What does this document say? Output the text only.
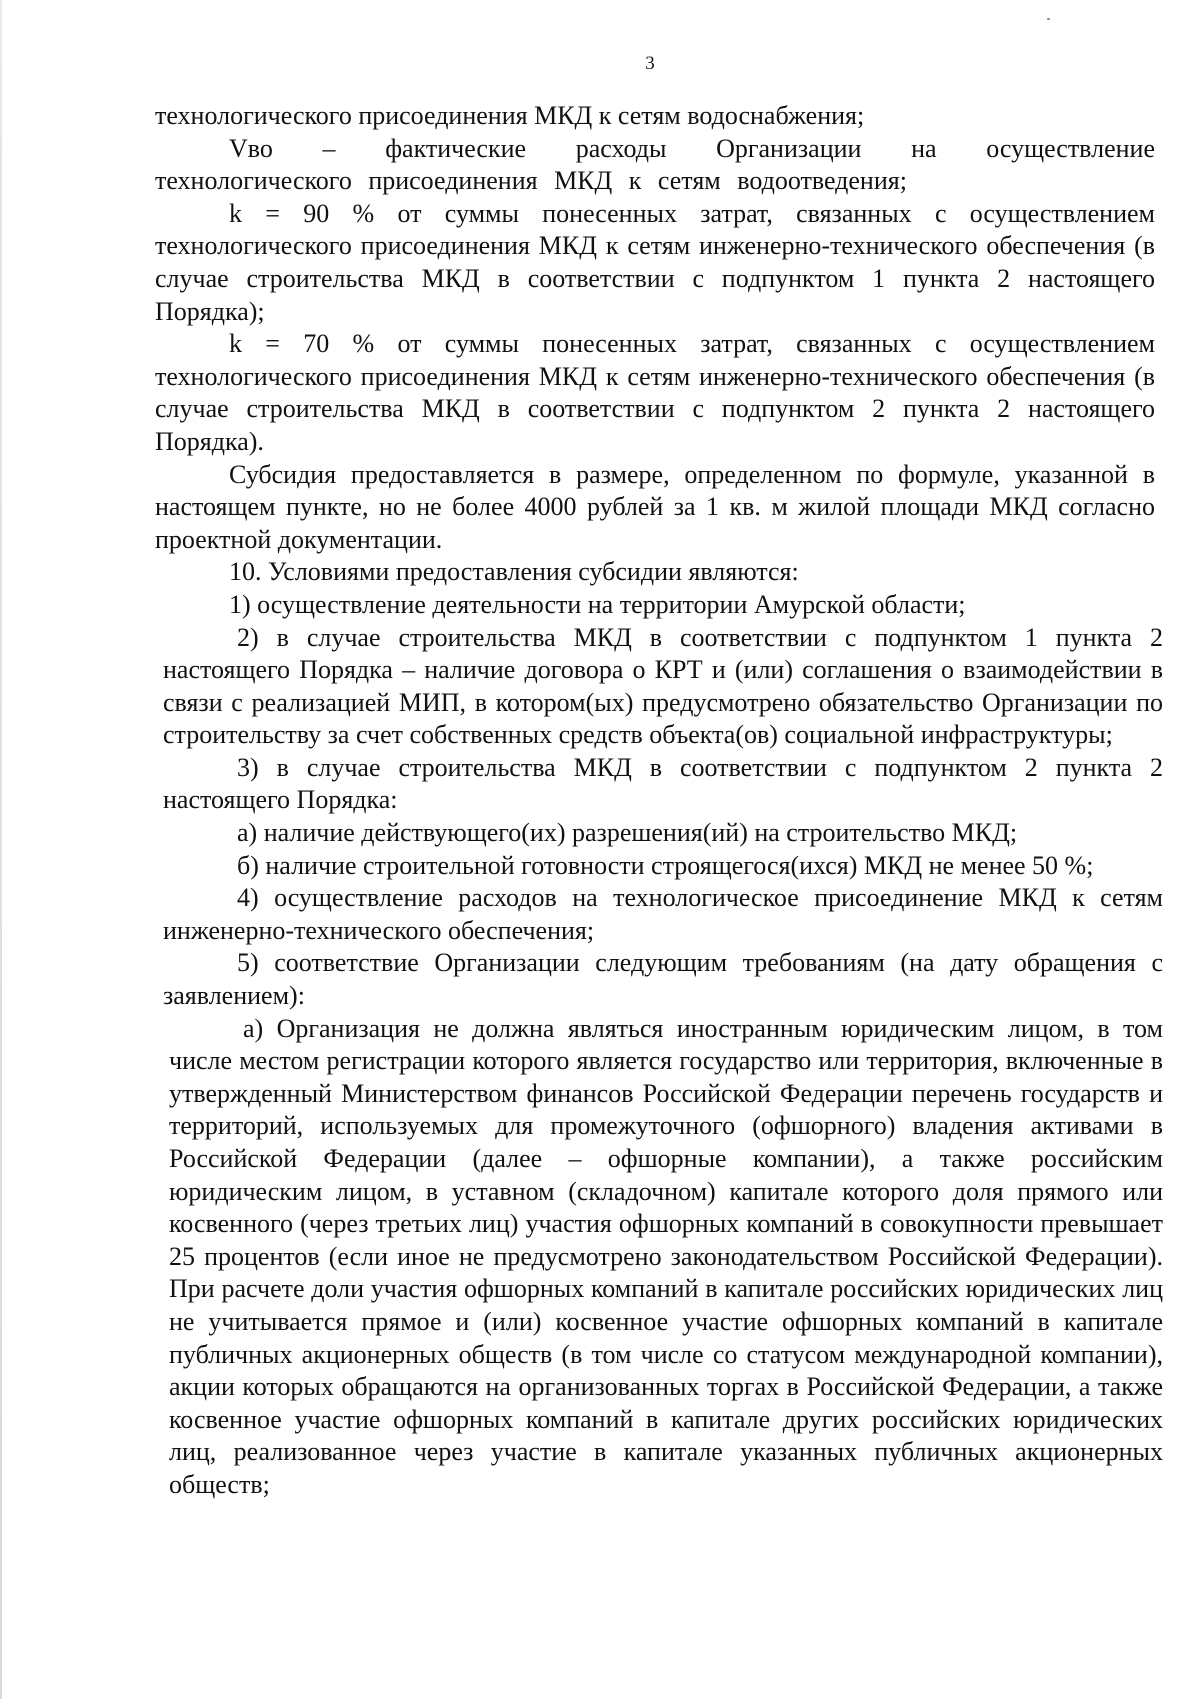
3

технологического присоединения МКД к сетям водоснабжения;

Vво – фактические расходы Организации на осуществление технологического присоединения МКД к сетям водоотведения;

k = 90 % от суммы понесенных затрат, связанных с осуществлением технологического присоединения МКД к сетям инженерно-технического обеспечения (в случае строительства МКД в соответствии с подпунктом 1 пункта 2 настоящего Порядка);

k = 70 % от суммы понесенных затрат, связанных с осуществлением технологического присоединения МКД к сетям инженерно-технического обеспечения (в случае строительства МКД в соответствии с подпунктом 2 пункта 2 настоящего Порядка).

Субсидия предоставляется в размере, определенном по формуле, указанной в настоящем пункте, но не более 4000 рублей за 1 кв. м жилой площади МКД согласно проектной документации.

10. Условиями предоставления субсидии являются:

1) осуществление деятельности на территории Амурской области;

2) в случае строительства МКД в соответствии с подпунктом 1 пункта 2 настоящего Порядка – наличие договора о КРТ и (или) соглашения о взаимодействии в связи с реализацией МИП, в котором(ых) предусмотрено обязательство Организации по строительству за счет собственных средств объекта(ов) социальной инфраструктуры;

3) в случае строительства МКД в соответствии с подпунктом 2 пункта 2 настоящего Порядка:

а) наличие действующего(их) разрешения(ий) на строительство МКД;

б) наличие строительной готовности строящегося(ихся) МКД не менее 50 %;

4) осуществление расходов на технологическое присоединение МКД к сетям инженерно-технического обеспечения;

5) соответствие Организации следующим требованиям (на дату обращения с заявлением):

а) Организация не должна являться иностранным юридическим лицом, в том числе местом регистрации которого является государство или территория, включенные в утвержденный Министерством финансов Российской Федерации перечень государств и территорий, используемых для промежуточного (офшорного) владения активами в Российской Федерации (далее – офшорные компании), а также российским юридическим лицом, в уставном (складочном) капитале которого доля прямого или косвенного (через третьих лиц) участия офшорных компаний в совокупности превышает 25 процентов (если иное не предусмотрено законодательством Российской Федерации). При расчете доли участия офшорных компаний в капитале российских юридических лиц не учитывается прямое и (или) косвенное участие офшорных компаний в капитале публичных акционерных обществ (в том числе со статусом международной компании), акции которых обращаются на организованных торгах в Российской Федерации, а также косвенное участие офшорных компаний в капитале других российских юридических лиц, реализованное через участие в капитале указанных публичных акционерных обществ;
